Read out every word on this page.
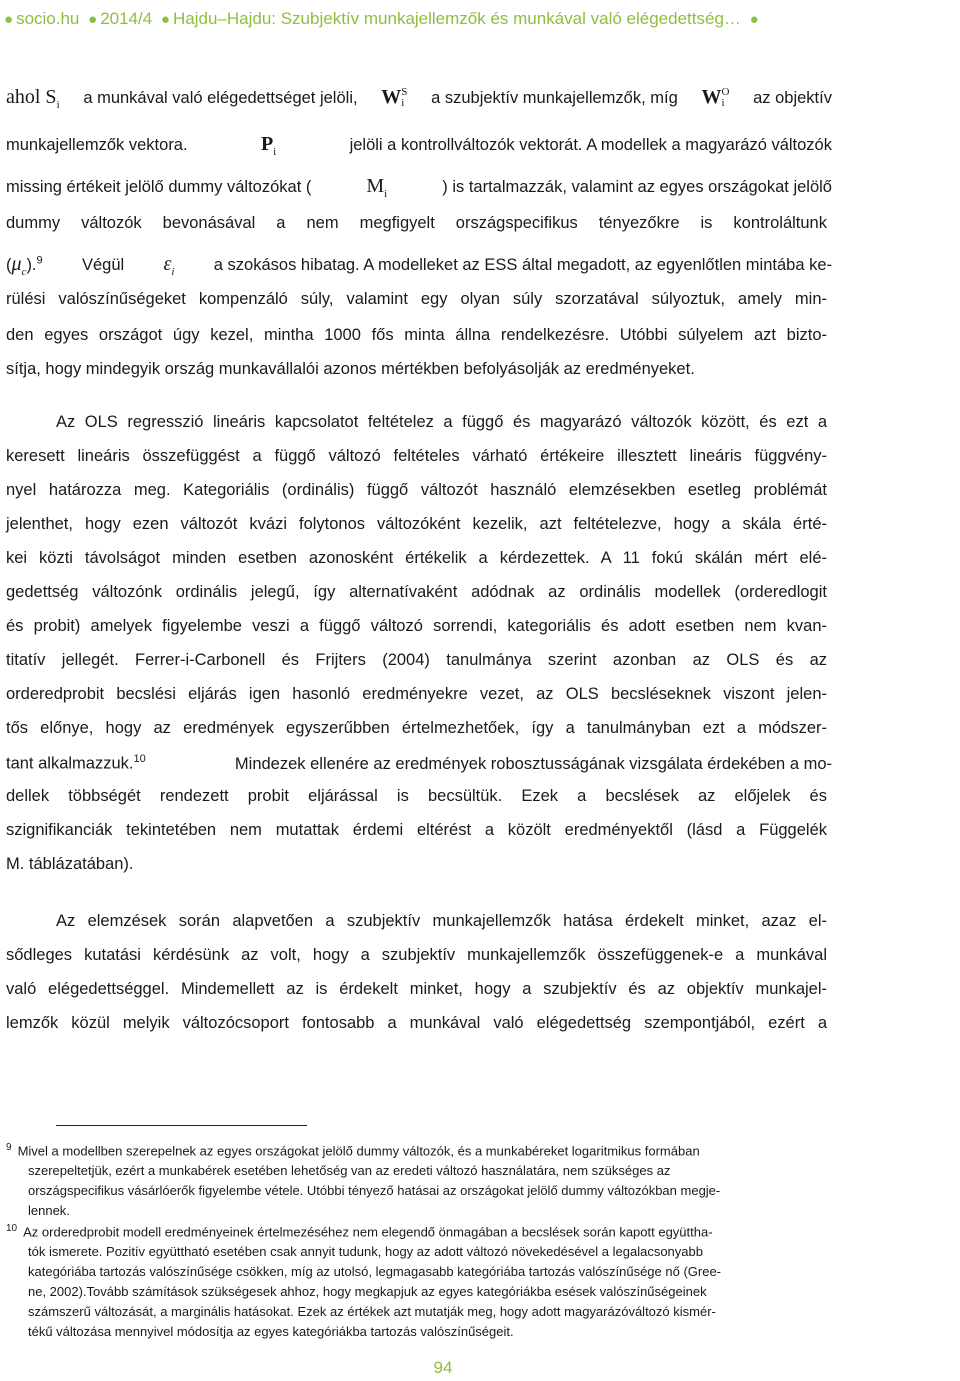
● socio.hu ● 2014/4 ● Hajdu–Hajdu: Szubjektív munkajellemzők és munkával való elégedettség… ●
ahol $S_i$ a munkával való elégedettséget jelöli, W S
i a szubjektív munkajellemzők, míg W O
i az objektív
munkajellemzők vektora.	$P_i$	jelöli a kontrollváltozók vektorát. A modellek a magyarázó változók
missing értékeit jelölő dummy változókat (	$M_i$	) is tartalmazzák, valamint az egyes országokat jelölő
dummy változók bevonásával a nem megfigyelt országspecifikus tényezőkre is kontroláltunk
$(\mu_c).^9$ Végül $\varepsilon_i$ a szokásos hibatag. A modelleket az ESS által megadott, az egyenlőtlen mintába ke-
rülési valószínűségeket kompenzáló súly, valamint egy olyan súly szorzatával súlyoztuk, amely min-
den egyes országot úgy kezel, mintha 1000 fős minta állna rendelkezésre. Utóbbi súlyelem azt bizto-
sítja, hogy mindegyik ország munkavállalói azonos mértékben befolyásolják az eredményeket.
Az OLS regresszió lineáris kapcsolatot feltételez a függő és magyarázó változók között, és ezt a
keresett lineáris összefüggést a függő változó feltételes várható értékeire illesztett lineáris függvény-
nyel határozza meg. Kategoriális (ordinális) függő változót használó elemzésekben esetleg problémát
jelenthet, hogy ezen változót kvázi folytonos változóként kezelik, azt feltételezve, hogy a skála érté-
kei közti távolságot minden esetben azonosként értékelik a kérdezettek. A 11 fokú skálán mért elé-
gedettség változónk ordinális jelegű, így alternatívaként adódnak az ordinális modellek (orderedlogit
és probit) amelyek figyelembe veszi a függő változó sorrendi, kategoriális és adott esetben nem kvan-
titatív jellegét. Ferrer-i-Carbonell és Frijters (2004) tanulmánya szerint azonban az OLS és az
orderedprobit becslési eljárás igen hasonló eredményekre vezet, az OLS becsléseknek viszont jelen-
tős előnye, hogy az eredmények egyszerűbben értelmezhetőek, így a tanulmányban ezt a módszer-
tant alkalmazzuk.$^{10}$	Mindezek ellenére az eredmények robosztusságának vizsgálata érdekében a mo-
dellek többségét rendezett probit eljárással is becsültük. Ezek a becslések az előjelek és
szignifikanciák tekintetében nem mutattak érdemi eltérést a közölt eredményektől (lásd a Függelék
M. táblázatában).
Az elemzések során alapvetően a szubjektív munkajellemzők hatása érdekelt minket, azaz el-
sődleges kutatási kérdésünk az volt, hogy a szubjektív munkajellemzők összefüggenek-e a munkával
való elégedettséggel. Mindemellett az is érdekelt minket, hogy a szubjektív és az objektív munkajel-
lemzők közül melyik változócsoport fontosabb a munkával való elégedettség szempontjából, ezért a
$^9$ Mivel a modellben szerepelnek az egyes országokat jelölő dummy változók, és a munkabéreket logaritmikus formában
szerepeltetjük, ezért a munkabérek esetében lehetőség van az eredeti változó használatára, nem szükséges az
országspecifikus vásárlóerők figyelembe vétele. Utóbbi tényező hatásai az országokat jelölő dummy változókban megje-
lennek.
$^{10}$ Az orderedprobit modell eredményeinek értelmezéséhez nem elegendő önmagában a becslések során kapott együttha-
tók ismerete. Pozitív együttható esetében csak annyit tudunk, hogy az adott változó növekedésével a legalacsonyabb
kategóriába tartozás valószínűsége csökken, míg az utolsó, legmagasabb kategóriába tartozás valószínűsége nő (Gree-
ne, 2002).Tovább számítások szükségesek ahhoz, hogy megkapjuk az egyes kategóriákba esések valószínűségeinek
számszerű változását, a marginális hatásokat. Ezek az értékek azt mutatják meg, hogy adott magyarázóváltozó kismér-
tékű változása mennyivel módosítja az egyes kategóriákba tartozás valószínűségeit.
94
